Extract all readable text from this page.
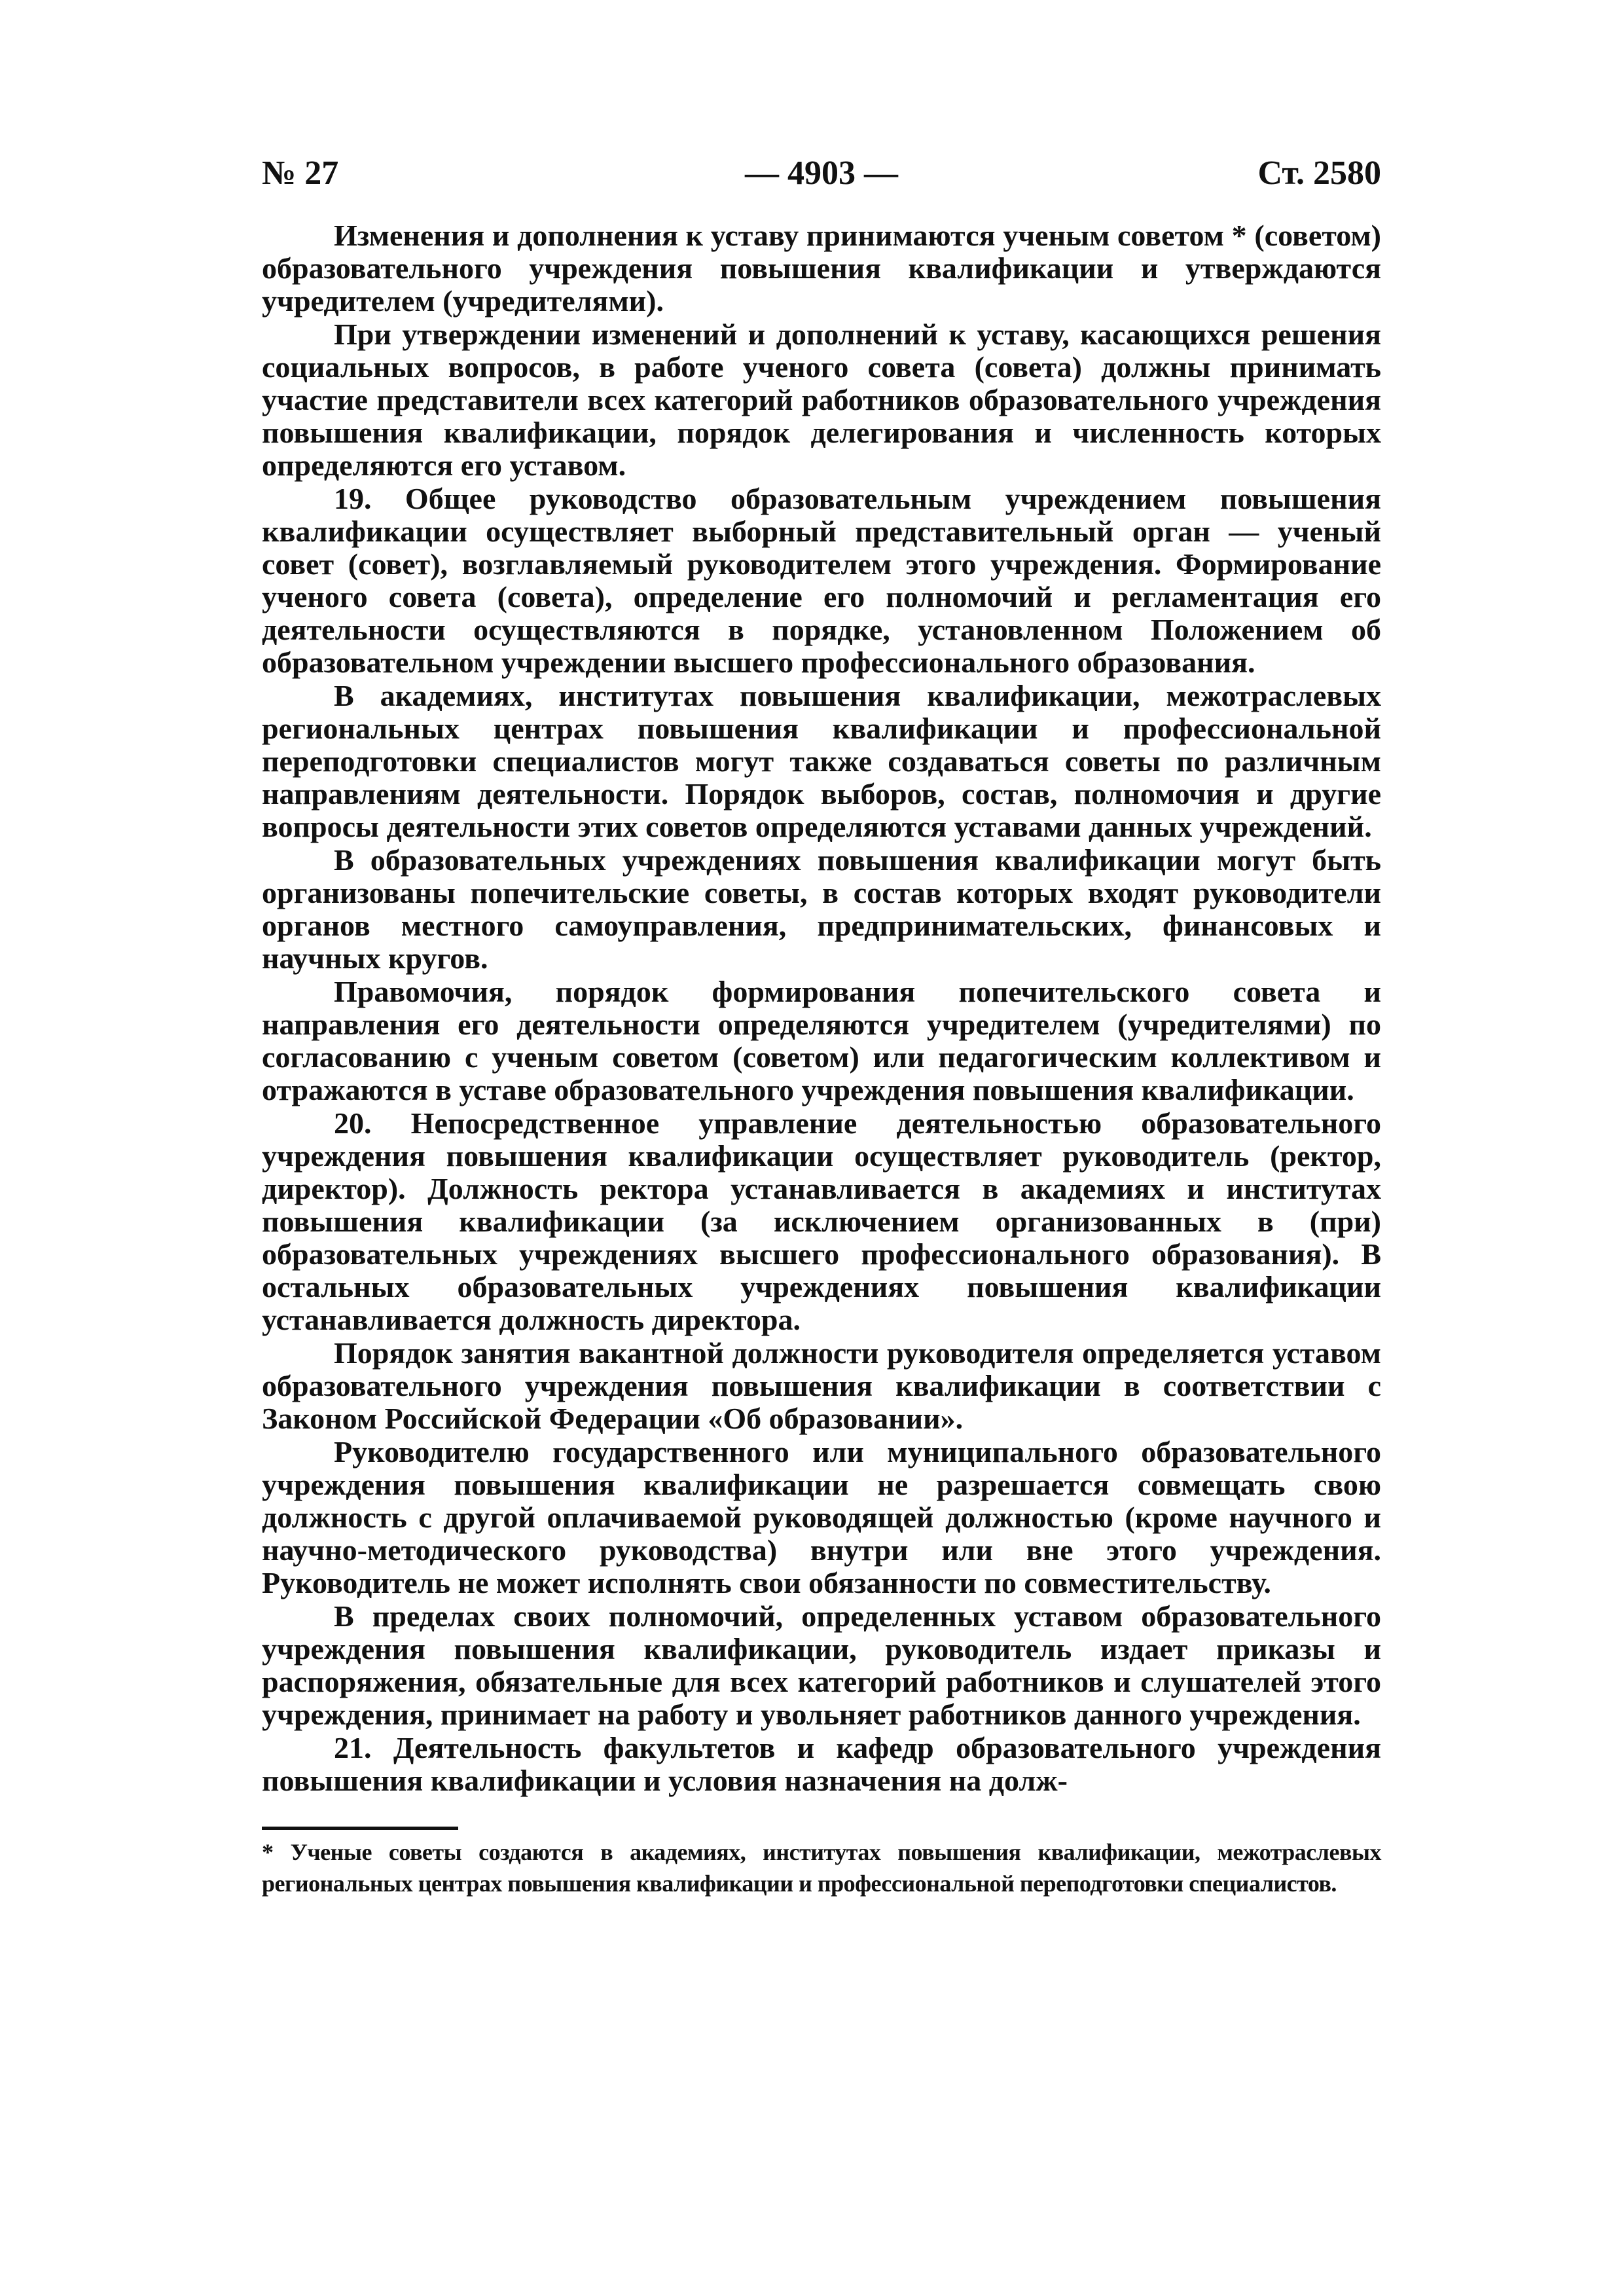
№ 27	— 4903 —	Ст. 2580

Изменения и дополнения к уставу принимаются ученым советом * (советом) образовательного учреждения повышения квалификации и утверждаются учредителем (учредителями).

При утверждении изменений и дополнений к уставу, касающихся решения социальных вопросов, в работе ученого совета (совета) должны принимать участие представители всех категорий работников образовательного учреждения повышения квалификации, порядок делегирования и численность которых определяются его уставом.

19. Общее руководство образовательным учреждением повышения квалификации осуществляет выборный представительный орган — ученый совет (совет), возглавляемый руководителем этого учреждения. Формирование ученого совета (совета), определение его полномочий и регламентация его деятельности осуществляются в порядке, установленном Положением об образовательном учреждении высшего профессионального образования.

В академиях, институтах повышения квалификации, межотраслевых региональных центрах повышения квалификации и профессиональной переподготовки специалистов могут также создаваться советы по различным направлениям деятельности. Порядок выборов, состав, полномочия и другие вопросы деятельности этих советов определяются уставами данных учреждений.

В образовательных учреждениях повышения квалификации могут быть организованы попечительские советы, в состав которых входят руководители органов местного самоуправления, предпринимательских, финансовых и научных кругов.

Правомочия, порядок формирования попечительского совета и направления его деятельности определяются учредителем (учредителями) по согласованию с ученым советом (советом) или педагогическим коллективом и отражаются в уставе образовательного учреждения повышения квалификации.

20. Непосредственное управление деятельностью образовательного учреждения повышения квалификации осуществляет руководитель (ректор, директор). Должность ректора устанавливается в академиях и институтах повышения квалификации (за исключением организованных в (при) образовательных учреждениях высшего профессионального образования). В остальных образовательных учреждениях повышения квалификации устанавливается должность директора.

Порядок занятия вакантной должности руководителя определяется уставом образовательного учреждения повышения квалификации в соответствии с Законом Российской Федерации «Об образовании».

Руководителю государственного или муниципального образовательного учреждения повышения квалификации не разрешается совмещать свою должность с другой оплачиваемой руководящей должностью (кроме научного и научно-методического руководства) внутри или вне этого учреждения. Руководитель не может исполнять свои обязанности по совместительству.

В пределах своих полномочий, определенных уставом образовательного учреждения повышения квалификации, руководитель издает приказы и распоряжения, обязательные для всех категорий работников и слушателей этого учреждения, принимает на работу и увольняет работников данного учреждения.

21. Деятельность факультетов и кафедр образовательного учреждения повышения квалификации и условия назначения на долж-

* Ученые советы создаются в академиях, институтах повышения квалификации, межотраслевых региональных центрах повышения квалификации и профессиональной переподготовки специалистов.
